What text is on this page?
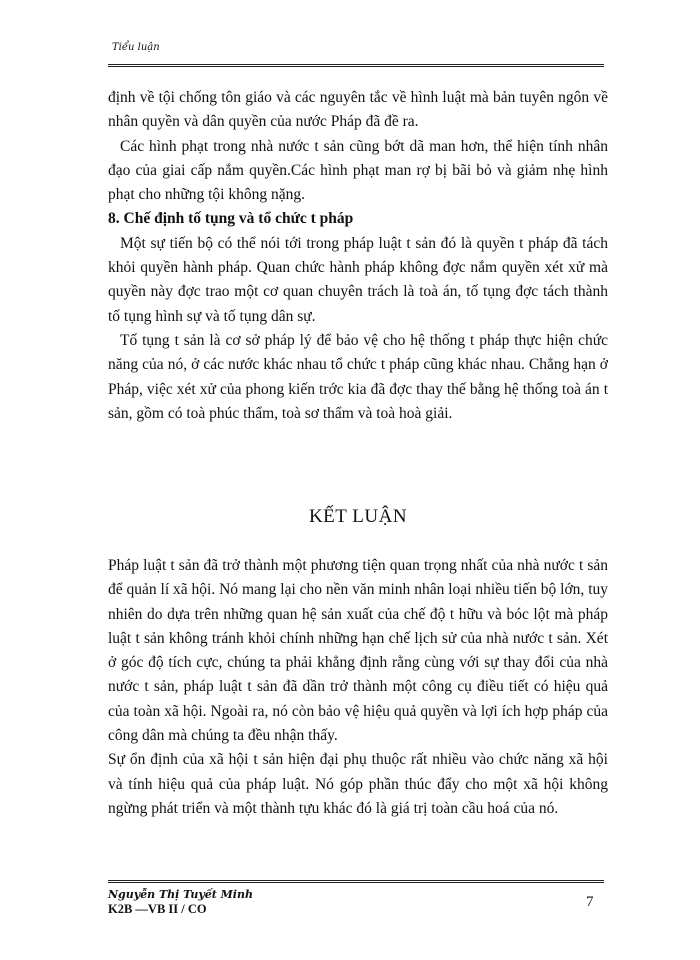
Tiểu luận

định về tội chống tôn giáo và các nguyên tắc về hình luật mà bản tuyên ngôn về nhân quyền và dân quyền của nước Pháp đã đề ra.

Các hình phạt trong nhà nước t sản cũng bớt dã man hơn, thể hiện tính nhân đạo của giai cấp nắm quyền.Các hình phạt man rợ bị bãi bỏ và giảm nhẹ hình phạt cho những tội không nặng.

8. Chế định tố tụng và tổ chức t pháp

Một sự tiến bộ có thể nói tới trong pháp luật t sản đó là quyền t pháp đã tách khỏi quyền hành pháp. Quan chức hành pháp không đợc nắm quyền xét xử mà quyền này đợc trao một cơ quan chuyên trách là toà án, tố tụng đợc tách thành tố tụng hình sự và tố tụng dân sự.

Tố tụng t sản là cơ sở pháp lý để bảo vệ cho hệ thống t pháp thực hiện chức năng của nó, ở các nước khác nhau tổ chức t pháp cũng khác nhau. Chẳng hạn ở Pháp, việc xét xử của phong kiến trớc kia đã đợc thay thế bằng hệ thống toà án t sản, gồm có toà phúc thẩm, toà sơ thẩm và toà hoà giải.

KẾT LUẬN

Pháp luật t sản đã trở thành một phương tiện quan trọng nhất của nhà nước t sản để quản lí xã hội. Nó mang lại cho nền văn minh nhân loại nhiều tiến bộ lớn, tuy nhiên do dựa trên những quan hệ sản xuất của chế độ t hữu và bóc lột mà pháp luật t sản không tránh khỏi chính những hạn chế lịch sử của nhà nước t sản. Xét ở góc độ tích cực, chúng ta phải khẳng định rằng cùng với sự thay đổi của nhà nước t sản, pháp luật t sản đã dần trở thành một công cụ điều tiết có hiệu quả của toàn xã hội. Ngoài ra, nó còn bảo vệ hiệu quả quyền và lợi ích hợp pháp của công dân mà chúng ta đều nhận thấy.

Sự ổn định của xã hội t sản hiện đại phụ thuộc rất nhiều vào chức năng xã hội và tính hiệu quả của pháp luật. Nó góp phần thúc đẩy cho một xã hội không ngừng phát triển và một thành tựu khác đó là giá trị toàn cầu hoá của nó.

Nguyễn Thị Tuyết Minh
K2B —VB II / CO	7
